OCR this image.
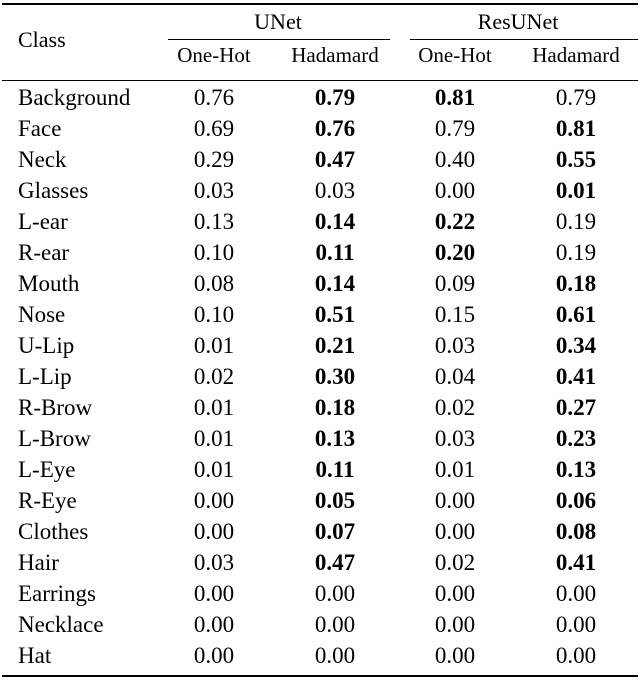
Class
UNet	ResUNet
One-Hot Hadamard One-Hot Hadamard
Background	0.76	0.79	0.81	0.79
Face	0.69	0.76	0.79	0.81
Neck	0.29	0.47	0.40	0.55
Glasses	0.03	0.03	0.00	0.01
L-ear	0.13	0.14	0.22	0.19
R-ear	0.10	0.11	0.20	0.19
Mouth	0.08	0.14	0.09	0.18
Nose	0.10	0.51	0.15	0.61
U-Lip	0.01	0.21	0.03	0.34
L-Lip	0.02	0.30	0.04	0.41
R-Brow	0.01	0.18	0.02	0.27
L-Brow	0.01	0.13	0.03	0.23
L-Eye	0.01	0.11	0.01	0.13
R-Eye	0.00	0.05	0.00	0.06
Clothes	0.00	0.07	0.00	0.08
Hair	0.03	0.47	0.02	0.41
Earrings	0.00	0.00	0.00	0.00
Necklace	0.00	0.00	0.00	0.00
Hat	0.00	0.00	0.00	0.00
